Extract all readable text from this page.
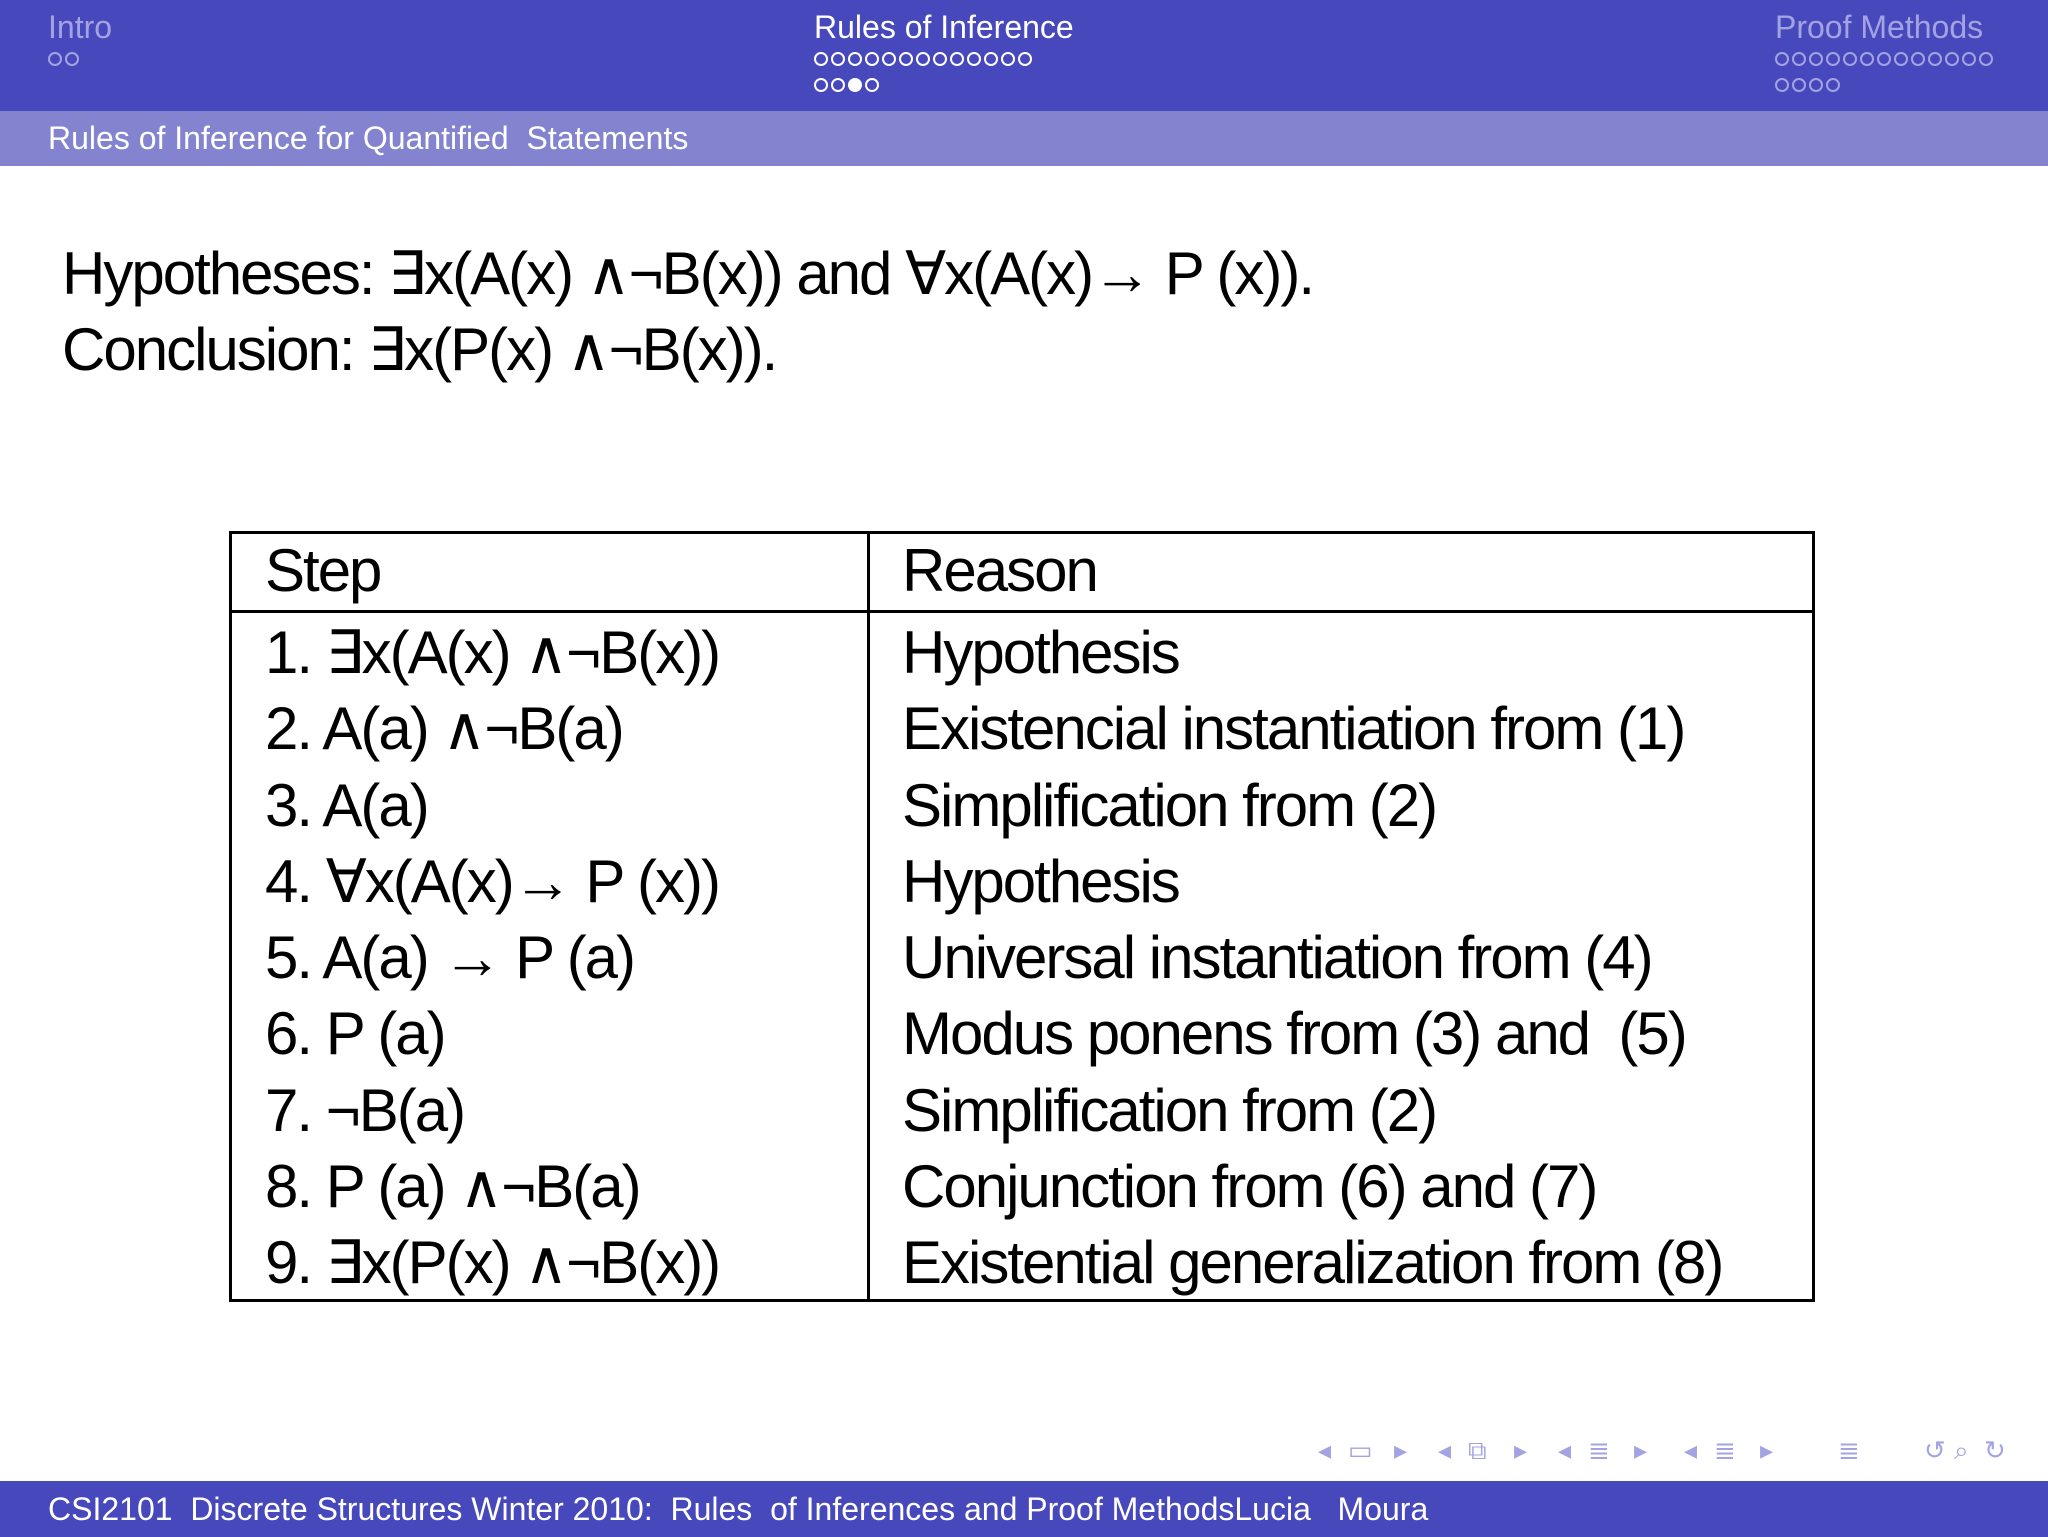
Intro	Rules of Inference	Proof Methods
Rules of Inference for Quantified  Statements
Hypotheses: ∃x(A(x) ∧¬B(x)) and ∀x(A(x)→ P (x)).
Conclusion: ∃x(P(x) ∧¬B(x)).
Step	Reason
1. ∃x(A(x) ∧¬B(x))	Hypothesis
2. A(a) ∧¬B(a)	Existencial instantiation from (1)
3. A(a)	Simplification from (2)
4. ∀x(A(x)→ P (x))	Hypothesis
5. A(a) → P (a)	Universal instantiation from (4)
6. P (a)	Modus ponens from (3) and  (5)
7. ¬B(a)	Simplification from (2)
8. P (a) ∧¬B(a)	Conjunction from (6) and (7)
9. ∃x(P(x) ∧¬B(x))	Existential generalization from (8)
◂ ▭ ▸ ◂ ⧉ ▸ ◂ ≣ ▸ ◂ ≣ ▸ ≣ ↺ ⌕ ↻
CSI2101  Discrete Structures Winter 2010:  Rules  of Inferences and Proof MethodsLucia   Moura
